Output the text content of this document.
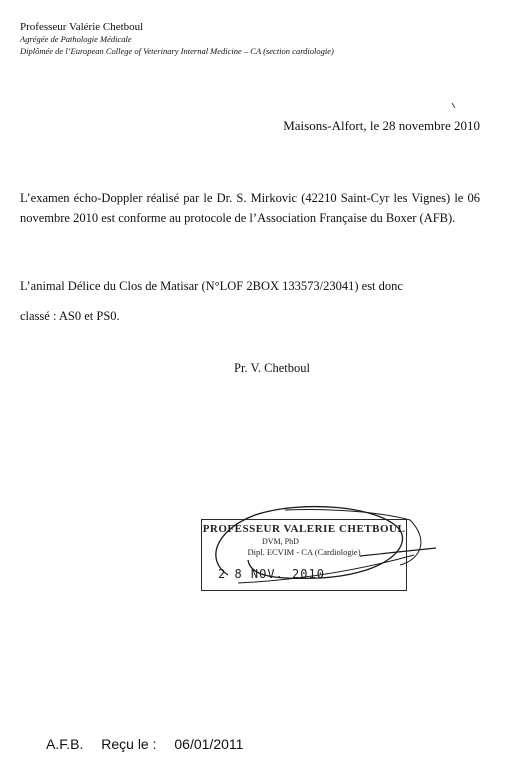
Professeur Valérie Chetboul
Agrégée de Pathologie Médicale
Diplômée de l’European College of Veterinary Internal Medicine – CA (section cardiologie)
Maisons-Alfort, le 28 novembre 2010
L’examen écho-Doppler réalisé par le Dr. S. Mirkovic (42210 Saint-Cyr les Vignes) le 06 novembre 2010 est conforme au protocole de l’Association Française du Boxer (AFB).
L’animal Délice du Clos de Matisar (N°LOF 2BOX 133573/23041) est donc
classé : AS0 et PS0.
Pr. V. Chetboul
PROFESSEUR VALERIE CHETBOUL
DVM, PhD
Dipl. ECVIM - CA (Cardiologie)
2 8 NOV. 2010
A.F.B. Reçu le : 06/01/2011
